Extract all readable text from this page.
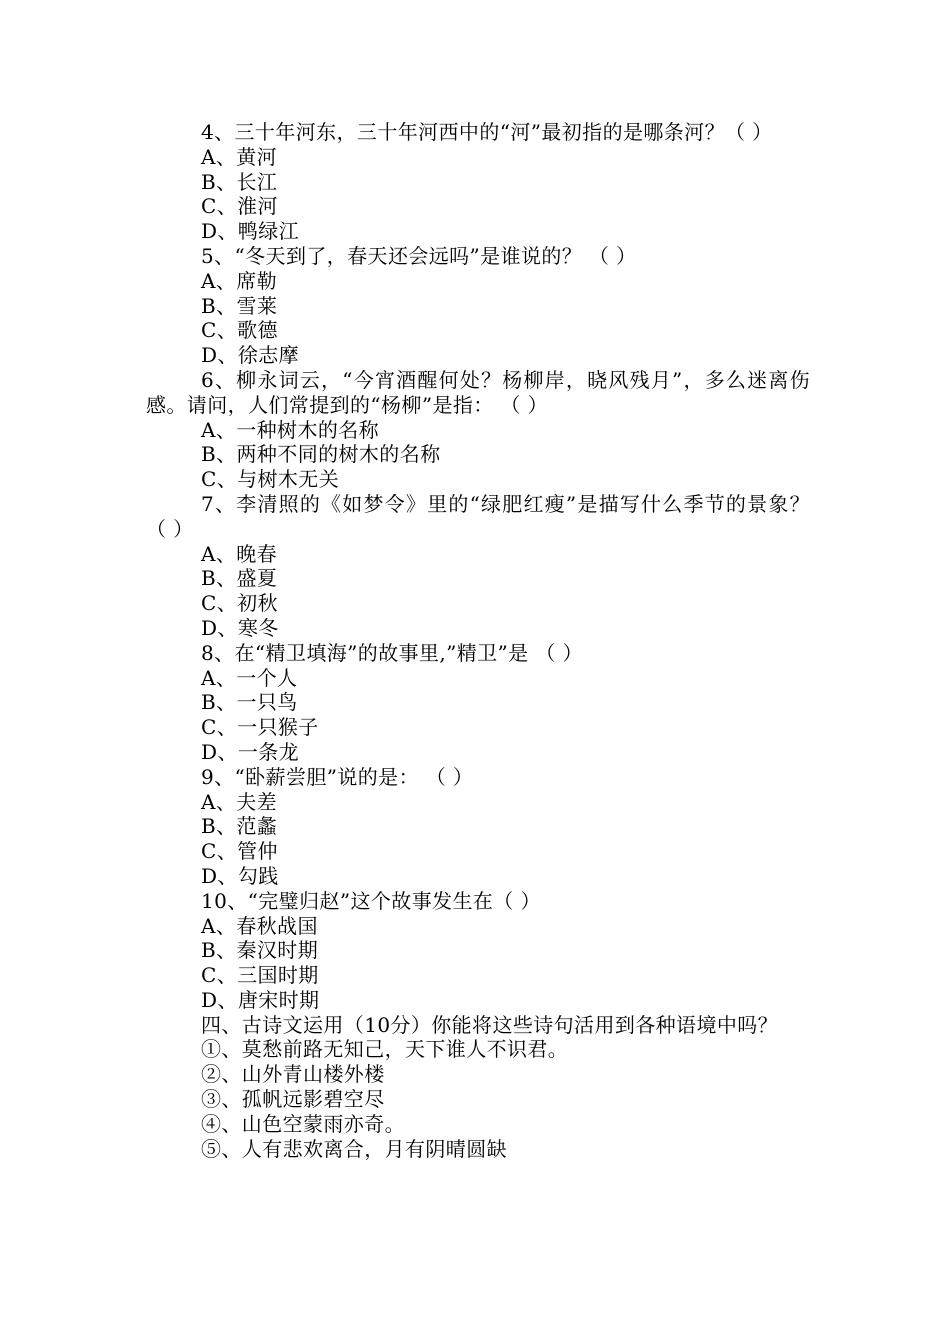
4、三十年河东，三十年河西中的“河”最初指的是哪条河？（ ）

A、黄河

B、长江

C、淮河

D、鸭绿江

5、“冬天到了，春天还会远吗”是谁说的？ （ ）

A、席勒

B、雪莱

C、歌德

D、徐志摩

6、柳永词云，“今宵酒醒何处？杨柳岸，晓风残月”，多么迷离伤感。请问，人们常提到的“杨柳”是指： （ ）

A、一种树木的名称

B、两种不同的树木的名称

C、与树木无关

7、李清照的《如梦令》里的“绿肥红瘦”是描写什么季节的景象？ （ ）

A、晚春

B、盛夏

C、初秋

D、寒冬

8、在“精卫填海”的故事里,”精卫”是 （ ）

A、一个人

B、一只鸟

C、一只猴子

D、一条龙

9、“卧薪尝胆”说的是： （ ）

A、夫差

B、范蠡

C、管仲

D、勾践

10、“完璧归赵”这个故事发生在（ ）

A、春秋战国

B、秦汉时期

C、三国时期

D、唐宋时期

四、古诗文运用（10分）你能将这些诗句活用到各种语境中吗？

①、莫愁前路无知己，天下谁人不识君。

②、山外青山楼外楼

③、孤帆远影碧空尽

④、山色空蒙雨亦奇。

⑤、人有悲欢离合，月有阴晴圆缺
